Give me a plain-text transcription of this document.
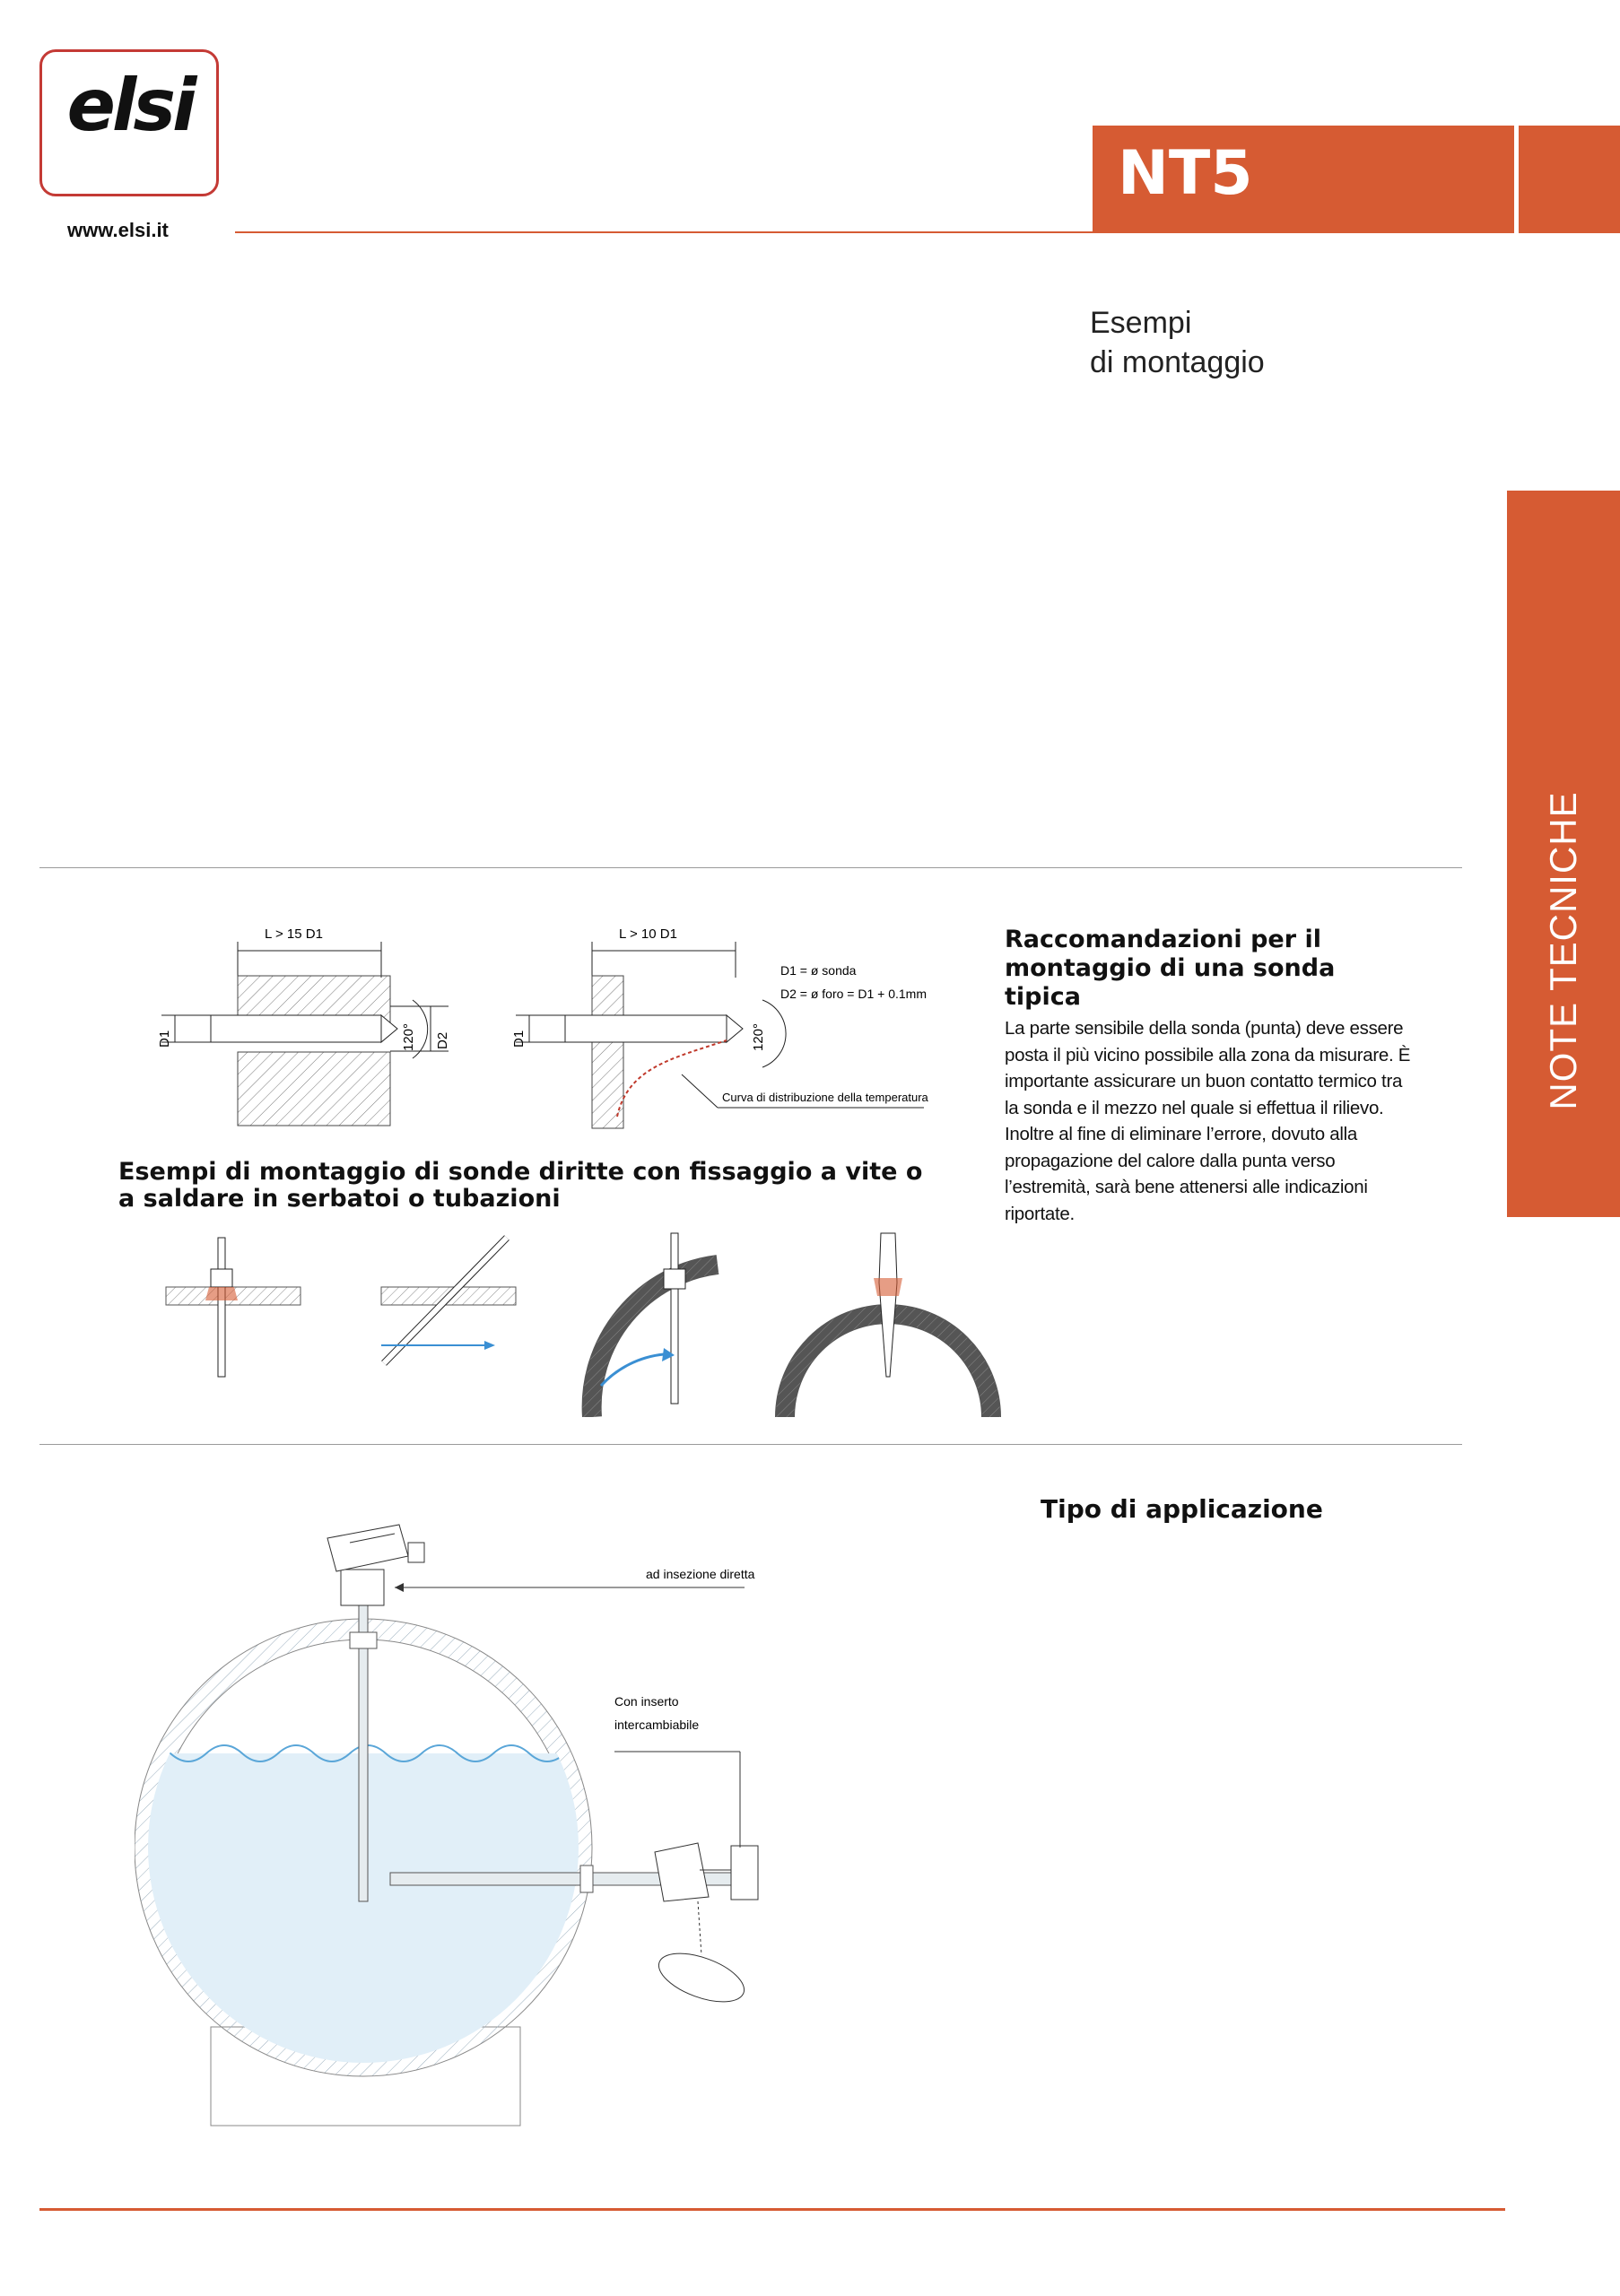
elsi
www.elsi.it
NT5
Esempi
di montaggio
NOTE TECNICHE
Raccomandazioni per il montaggio di una sonda tipica
La parte sensibile della sonda (punta) deve essere posta il più vicino possibile alla zona da misurare. È importante assicurare un buon contatto termico tra la sonda e il mezzo nel quale si effettua il rilievo. Inoltre al fine di eliminare l’errore, dovuto alla propagazione del calore dalla punta verso l’estremità, sarà bene attenersi alle indicazioni riportate.
L > 15 D1
D1	D2
120°
L > 10 D1
D1	120°
D1 = ø sonda
D2 = ø foro = D1 + 0.1mm
Curva di distribuzione della temperatura
Esempi di montaggio di sonde diritte con fissaggio a vite o a saldare in serbatoi o tubazioni
Tipo di applicazione
ad insezione diretta
Con inserto
intercambiabile
